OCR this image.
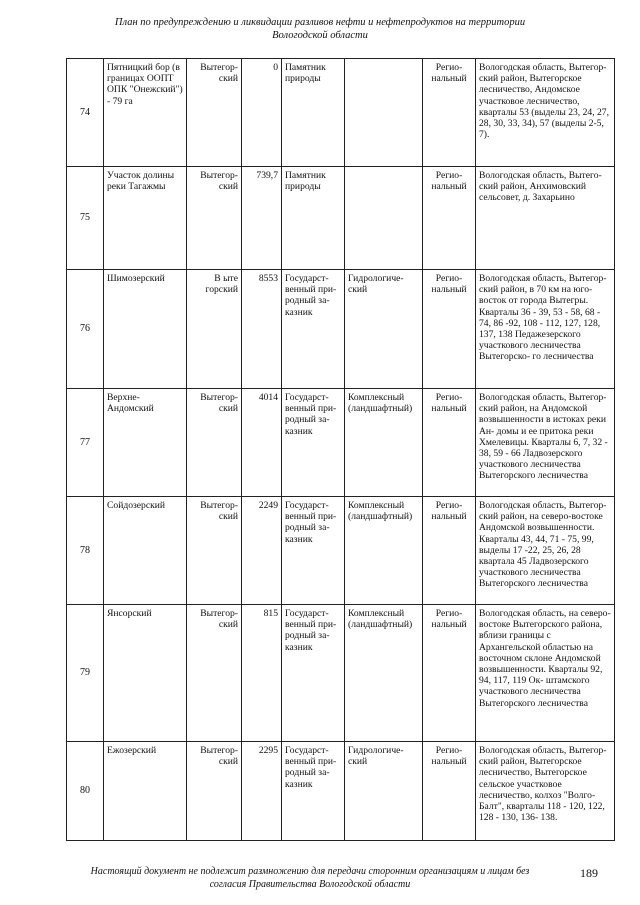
План по предупреждению и ликвидации разливов нефти и нефтепродуктов на территории
Вологодской области
74	Пятницкий бор (в границах ООПТ ОПК "Онежский") - 79 га	Вытегор-ский	0	Памятник природы		Регио-нальный	Вологодская область, Вытегор- ский район, Вытегорское лесничество, Андомское участковое лесничество, кварталы 53 (выделы 23, 24, 27, 28, 30, 33, 34), 57 (выделы 2-5, 7).
75	Участок долины реки Тагажмы	Вытегор-ский	739,7	Памятник природы		Регио-нальный	Вологодская область, Вытего- ский район, Анхимовский сельсовет, д. Захарьино
76	Шимозерский	В ыте горский	8553	Государст-венный при-родный за-казник	Гидрологиче-ский	Регио-нальный	Вологодская область, Вытегор- ский район, в 70 км на юго- восток от города Вытегры. Кварталы 36 - 39, 53 - 58, 68 - 74, 86 -92, 108 - 112, 127, 128, 137, 138 Педажезерского участкового лесничества Вытегорско- го лесничества
77	Верхне- Андомский	Вытегор-ский	4014	Государст-венный при-родный за-казник	Комплексный (ландшафтный)	Регио-нальный	Вологодская область, Вытегор- ский район, на Андомской возвышенности в истоках реки Ан- домы и ее притока реки Хмелевицы. Кварталы 6, 7, 32 - 38, 59 - 66 Ладвозерского участкового лесничества Вытегорского лесничества
78	Сойдозерский	Вытегор-ский	2249	Государст-венный при-родный за-казник	Комплексный (ландшафтный)	Регио-нальный	Вологодская область, Вытегор- ский район, на северо-востоке Андомской возвышенности. Кварталы 43, 44, 71 - 75, 99, выделы 17 -22, 25, 26, 28 квартала 45 Ладвозерского участкового лесничества Вытегорского лесничества
79	Янсорский	Вытегор-ский	815	Государст-венный при-родный за-казник	Комплексный (ландшафтный)	Регио-нальный	Вологодская область, на северо- востоке Вытегорского района, вблизи границы с Архангельской областью на восточном склоне Андомской возвышенности. Кварталы 92, 94, 117, 119 Ок- штамского участкового лесничества Вытегорского лесничества
80	Ежозерский	Вытегор-ский	2295	Государст-венный при-родный за-казник	Гидрологиче-ский	Регио-нальный	Вологодская область, Вытегор- ский район, Вытегорское лесничество, Вытегорское сельское участковое лесничество, колхоз "Волго-Балт", кварталы 118 - 120, 122, 128 - 130, 136- 138.
Настоящий документ не подлежит размножению для передачи сторонним организациям и лицам без
согласия Правительства Вологодской области
189
